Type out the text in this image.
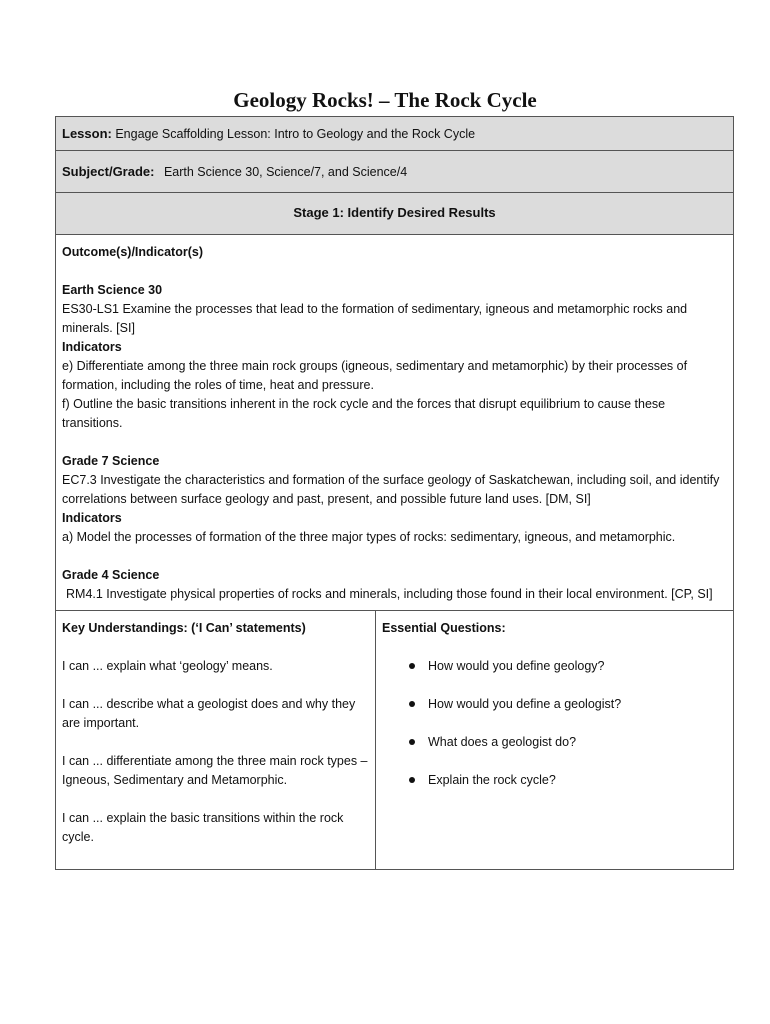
Geology Rocks! – The Rock Cycle
Lesson: Engage Scaffolding Lesson: Intro to Geology and the Rock Cycle
Subject/Grade: Earth Science 30, Science/7, and Science/4
Stage 1: Identify Desired Results

Outcome(s)/Indicator(s)

Earth Science 30

ES30-LS1 Examine the processes that lead to the formation of sedimentary, igneous and metamorphic rocks and minerals. [SI]

Indicators

e) Differentiate among the three main rock groups (igneous, sedimentary and metamorphic) by their processes of formation, including the roles of time, heat and pressure.

f) Outline the basic transitions inherent in the rock cycle and the forces that disrupt equilibrium to cause these transitions.

Grade 7 Science

EC7.3 Investigate the characteristics and formation of the surface geology of Saskatchewan, including soil, and identify correlations between surface geology and past, present, and possible future land uses. [DM, SI]

Indicators

a) Model the processes of formation of the three major types of rocks: sedimentary, igneous, and metamorphic.

Grade 4 Science

RM4.1 Investigate physical properties of rocks and minerals, including those found in their local environment. [CP, SI]

Key Understandings: (‘I Can’ statements)

I can ... explain what ‘geology’ means.

I can ... describe what a geologist does and why they are important.

I can ... differentiate among the three main rock types – Igneous, Sedimentary and Metamorphic.

I can ... explain the basic transitions within the rock cycle.

Essential Questions:
How would you define geology?
How would you define a geologist?
What does a geologist do?
Explain the rock cycle?
